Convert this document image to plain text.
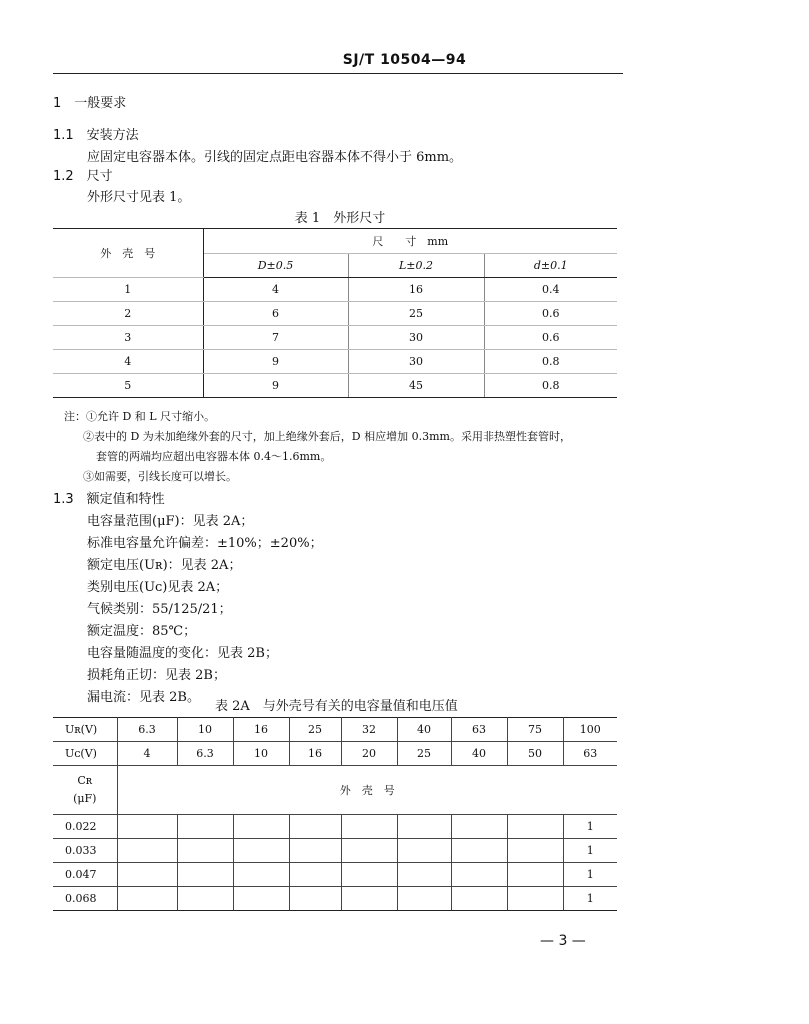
SJ/T 10504—94
1　一般要求
1.1　安装方法
应固定电容器本体。引线的固定点距电容器本体不得小于 6mm。
1.2　尺寸
外形尺寸见表 1。
表 1　外形尺寸
外　壳　号	尺　　寸　mm		
	D±0.5	L±0.2	d±0.1
1	4	16	0.4
2	6	25	0.6
3	7	30	0.6
4	9	30	0.8
5	9	45	0.8
注：①允许 D 和 L 尺寸缩小。
②表中的 D 为未加绝缘外套的尺寸，加上绝缘外套后，D 相应增加 0.3mm。采用非热塑性套管时，
套管的两端均应超出电容器本体 0.4～1.6mm。
③如需要，引线长度可以增长。
1.3　额定值和特性
电容量范围(μF)：见表 2A；
标准电容量允许偏差：±10%；±20%；
额定电压(Uʀ)：见表 2A；
类别电压(Uᴄ)见表 2A；
气候类别：55/125/21；
额定温度：85℃；
电容量随温度的变化：见表 2B；
损耗角正切：见表 2B；
漏电流：见表 2B。
表 2A　与外壳号有关的电容量值和电压值
Uʀ(V)	6.3	10	16	25	32	40	63	75	100
Uᴄ(V)	4	6.3	10	16	20	25	40	50	63

Cʀ
(μF)	外　壳　号								
0.022									1
0.033									1
0.047									1
0.068									1
— 3 —
